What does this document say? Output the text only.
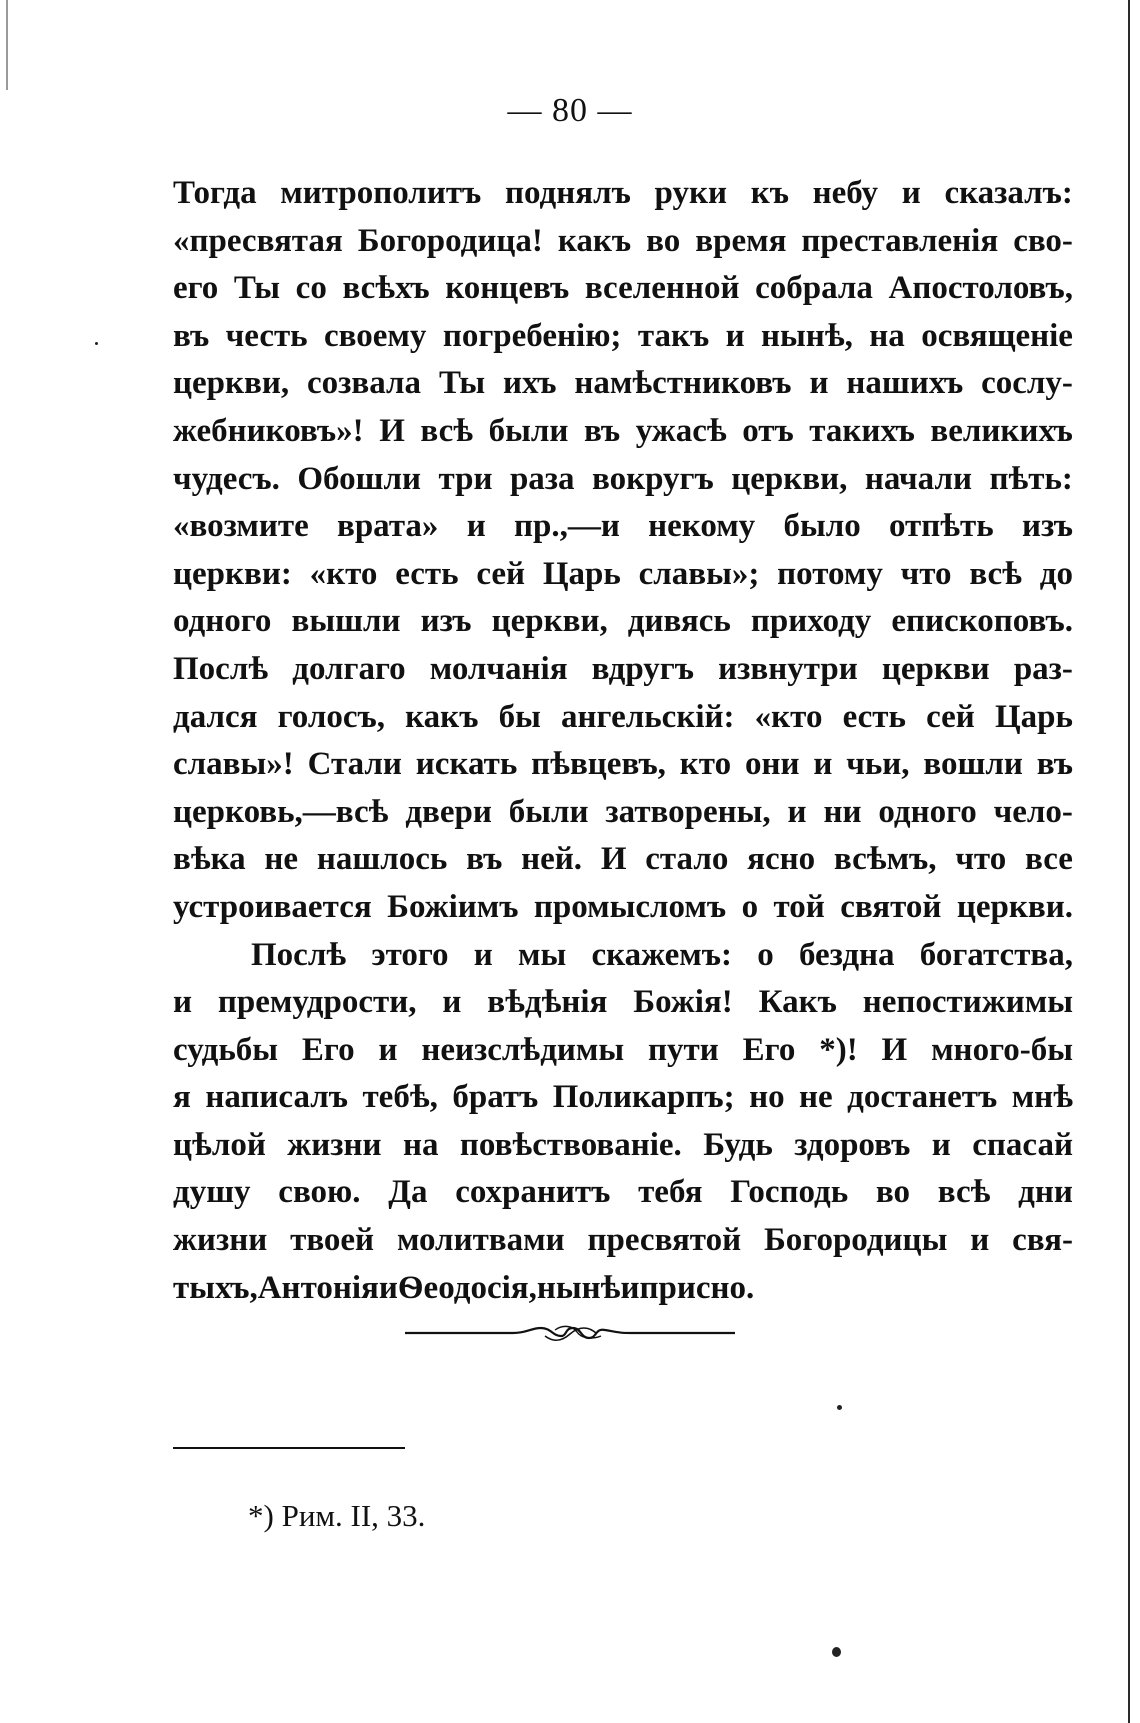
— 80 —
Тогда митрополитъ поднялъ руки къ небу и сказалъ:
«пресвятая Богородица! какъ во время преставленія сво-
его Ты со всѣхъ концевъ вселенной собрала Апостоловъ,
въ честь своему погребенію; такъ и нынѣ, на освященіе
церкви, созвала Ты ихъ намѣстниковъ и нашихъ сослу-
жебниковъ»! И всѣ были въ ужасѣ отъ такихъ великихъ
чудесъ. Обошли три раза вокругъ церкви, начали пѣть:
«возмите врата» и пр.,—и некому было отпѣть изъ
церкви: «кто есть сей Царь славы»; потому что всѣ до
одного вышли изъ церкви, дивясь приходу епископовъ.
Послѣ долгаго молчанія вдругъ извнутри церкви раз-
дался голосъ, какъ бы ангельскій: «кто есть сей Царь
славы»! Стали искать пѣвцевъ, кто они и чьи, вошли въ
церковь,—всѣ двери были затворены, и ни одного чело-
вѣка не нашлось въ ней. И стало ясно всѣмъ, что все
устроивается Божіимъ промысломъ о той святой церкви.
Послѣ этого и мы скажемъ: о бездна богатства,
и премудрости, и вѣдѣнія Божія! Какъ непостижимы
судьбы Его и неизслѣдимы пути Его *)! И много-бы
я написалъ тебѣ, братъ Поликарпъ; но не достанетъ мнѣ
цѣлой жизни на повѣствованіе. Будь здоровъ и спасай
душу свою. Да сохранитъ тебя Господь во всѣ дни
жизни твоей молитвами пресвятой Богородицы и свя-
тыхъ, Антонія и Ѳеодосія, нынѣ и присно.
*) Рим. II, 33.
